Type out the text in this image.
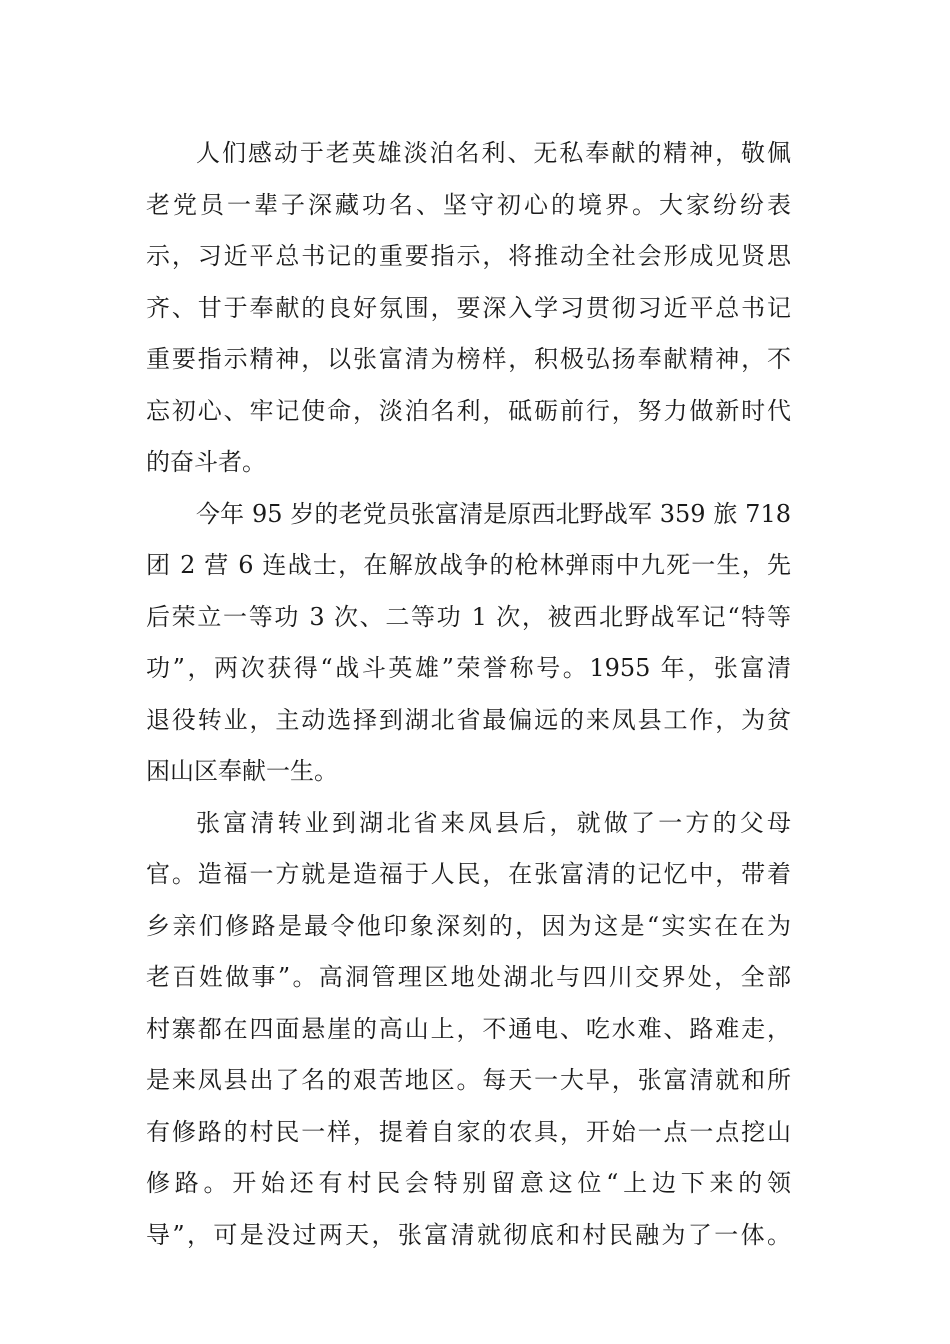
人们感动于老英雄淡泊名利、无私奉献的精神，敬佩
老党员一辈子深藏功名、坚守初心的境界。大家纷纷表
示，习近平总书记的重要指示，将推动全社会形成见贤思
齐、甘于奉献的良好氛围，要深入学习贯彻习近平总书记
重要指示精神，以张富清为榜样，积极弘扬奉献精神，不
忘初心、牢记使命，淡泊名利，砥砺前行，努力做新时代
的奋斗者。
今年 95 岁的老党员张富清是原西北野战军 359 旅 718
团 2 营 6 连战士，在解放战争的枪林弹雨中九死一生，先
后荣立一等功 3 次、二等功 1 次，被西北野战军记“特等
功”，两次获得“战斗英雄”荣誉称号。1955 年，张富清
退役转业，主动选择到湖北省最偏远的来凤县工作，为贫
困山区奉献一生。
张富清转业到湖北省来凤县后，就做了一方的父母
官。造福一方就是造福于人民，在张富清的记忆中，带着
乡亲们修路是最令他印象深刻的，因为这是“实实在在为
老百姓做事”。高洞管理区地处湖北与四川交界处，全部
村寨都在四面悬崖的高山上，不通电、吃水难、路难走，
是来凤县出了名的艰苦地区。每天一大早，张富清就和所
有修路的村民一样，提着自家的农具，开始一点一点挖山
修路。开始还有村民会特别留意这位“上边下来的领
导”，可是没过两天，张富清就彻底和村民融为了一体。
